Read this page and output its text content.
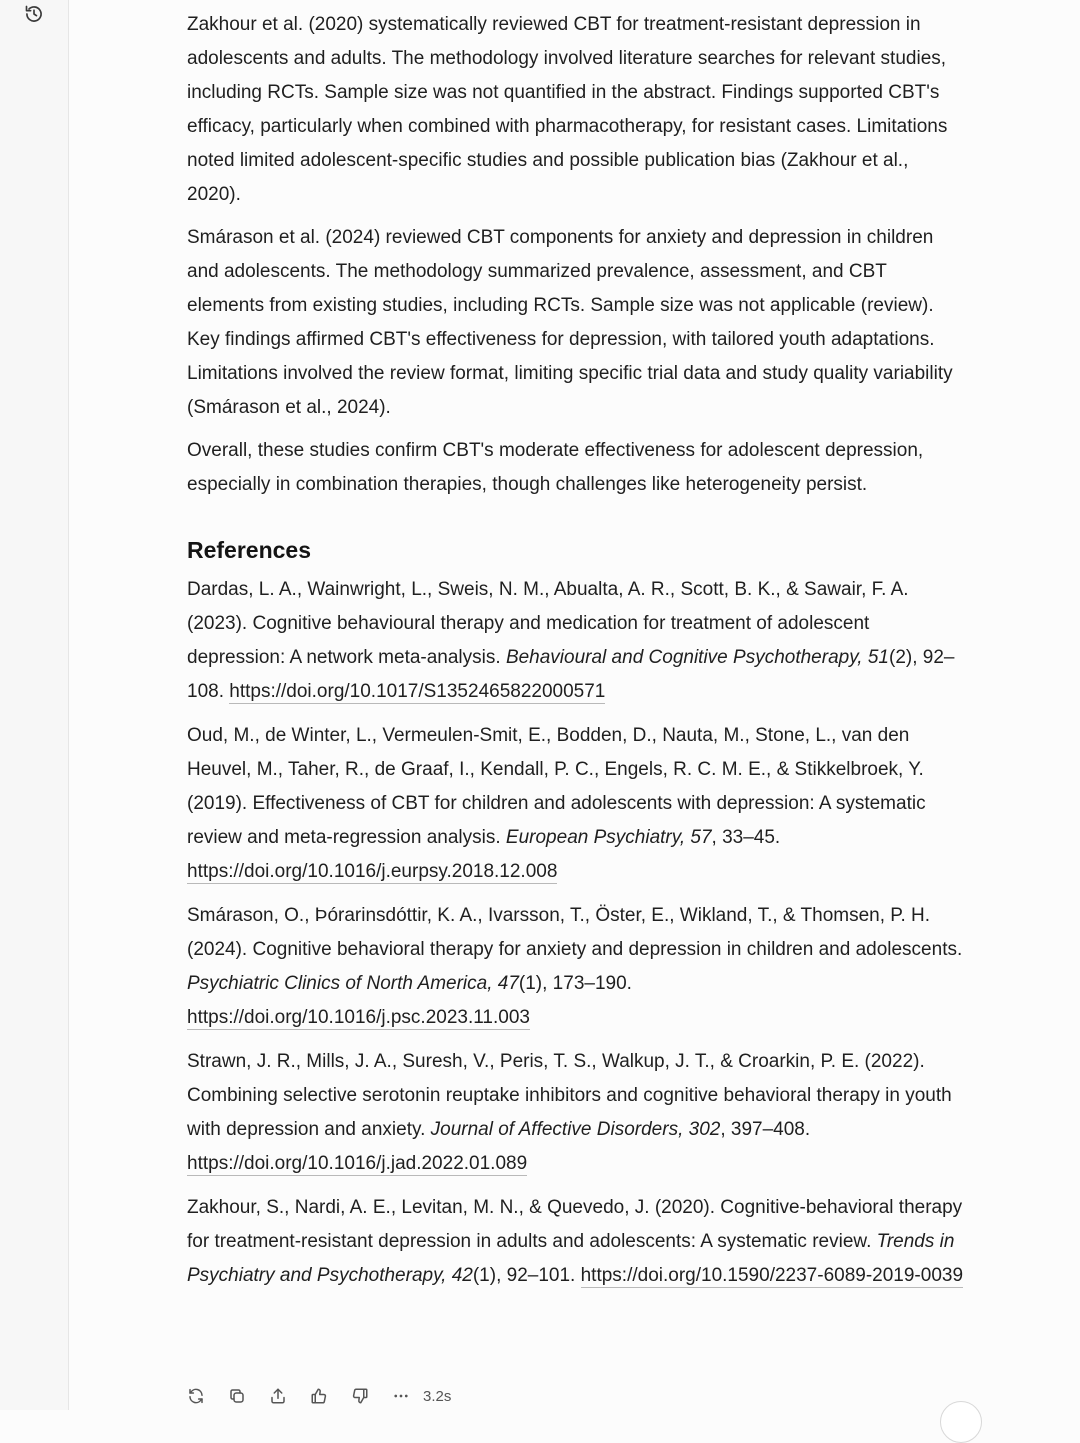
Zakhour et al. (2020) systematically reviewed CBT for treatment-resistant depression in adolescents and adults. The methodology involved literature searches for relevant studies, including RCTs. Sample size was not quantified in the abstract. Findings supported CBT's efficacy, particularly when combined with pharmacotherapy, for resistant cases. Limitations noted limited adolescent-specific studies and possible publication bias (Zakhour et al., 2020).

Smárason et al. (2024) reviewed CBT components for anxiety and depression in children and adolescents. The methodology summarized prevalence, assessment, and CBT elements from existing studies, including RCTs. Sample size was not applicable (review). Key findings affirmed CBT's effectiveness for depression, with tailored youth adaptations. Limitations involved the review format, limiting specific trial data and study quality variability (Smárason et al., 2024).

Overall, these studies confirm CBT's moderate effectiveness for adolescent depression, especially in combination therapies, though challenges like heterogeneity persist.

References

Dardas, L. A., Wainwright, L., Sweis, N. M., Abualta, A. R., Scott, B. K., & Sawair, F. A. (2023). Cognitive behavioural therapy and medication for treatment of adolescent depression: A network meta-analysis. Behavioural and Cognitive Psychotherapy, 51(2), 92–108. https://doi.org/10.1017/S1352465822000571

Oud, M., de Winter, L., Vermeulen-Smit, E., Bodden, D., Nauta, M., Stone, L., van den Heuvel, M., Taher, R., de Graaf, I., Kendall, P. C., Engels, R. C. M. E., & Stikkelbroek, Y. (2019). Effectiveness of CBT for children and adolescents with depression: A systematic review and meta-regression analysis. European Psychiatry, 57, 33–45. https://doi.org/10.1016/j.eurpsy.2018.12.008

Smárason, O., Þórarinsdóttir, K. A., Ivarsson, T., Öster, E., Wikland, T., & Thomsen, P. H. (2024). Cognitive behavioral therapy for anxiety and depression in children and adolescents. Psychiatric Clinics of North America, 47(1), 173–190. https://doi.org/10.1016/j.psc.2023.11.003

Strawn, J. R., Mills, J. A., Suresh, V., Peris, T. S., Walkup, J. T., & Croarkin, P. E. (2022). Combining selective serotonin reuptake inhibitors and cognitive behavioral therapy in youth with depression and anxiety. Journal of Affective Disorders, 302, 397–408. https://doi.org/10.1016/j.jad.2022.01.089

Zakhour, S., Nardi, A. E., Levitan, M. N., & Quevedo, J. (2020). Cognitive-behavioral therapy for treatment-resistant depression in adults and adolescents: A systematic review. Trends in Psychiatry and Psychotherapy, 42(1), 92–101. https://doi.org/10.1590/2237-6089-2019-0039

3.2s
